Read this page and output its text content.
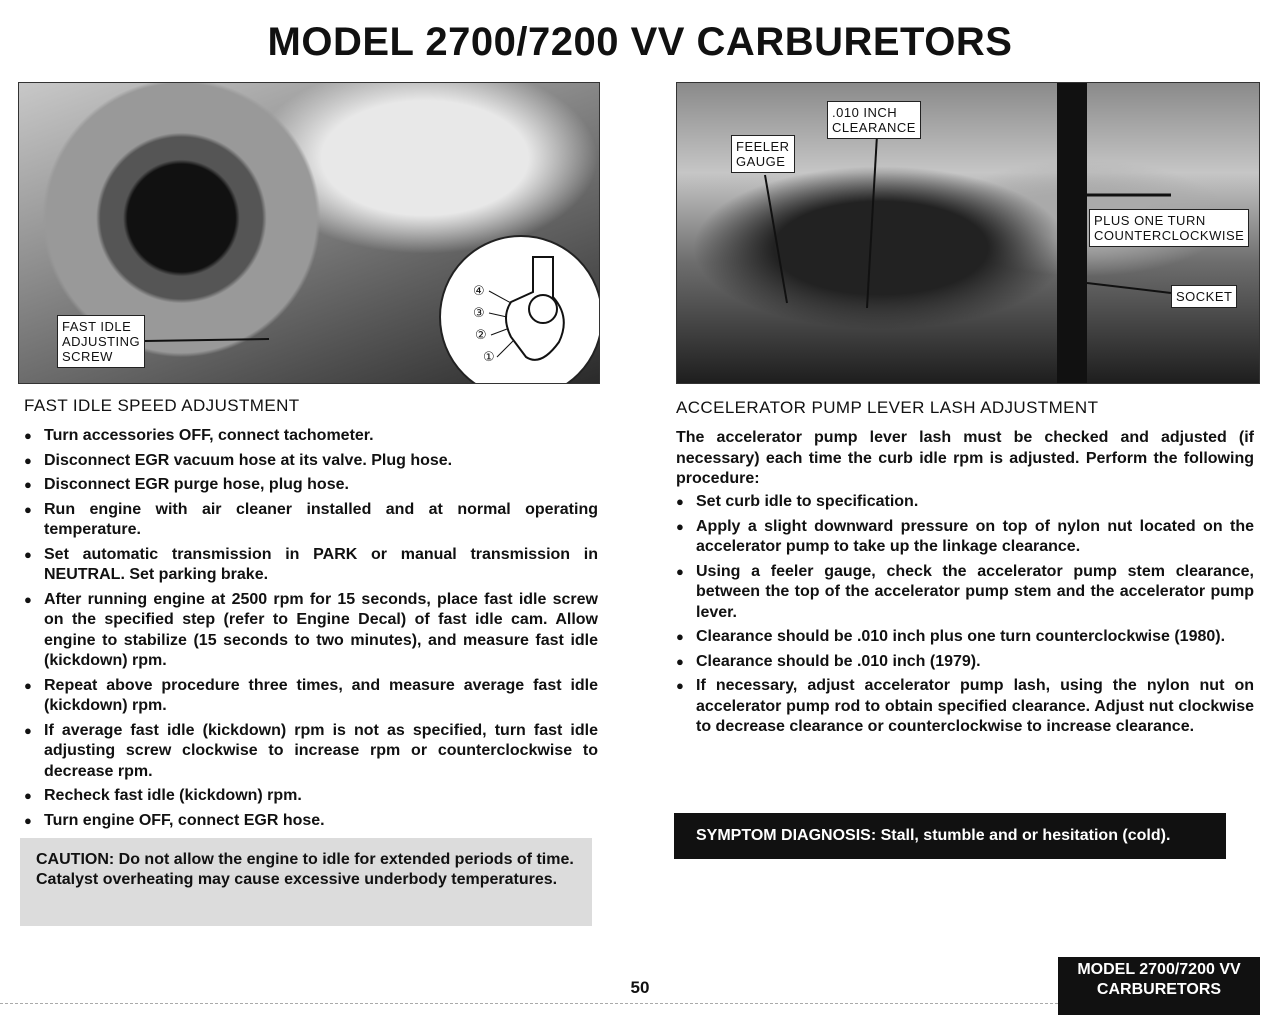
MODEL 2700/7200 VV CARBURETORS
④
③
②
①
FAST IDLE
ADJUSTING
SCREW
.010 INCH
CLEARANCE
FEELER
GAUGE
PLUS ONE TURN
COUNTERCLOCKWISE
SOCKET
FAST IDLE SPEED ADJUSTMENT
● Turn accessories OFF, connect tachometer.
● Disconnect EGR vacuum hose at its valve. Plug hose.
● Disconnect EGR purge hose, plug hose.
● Run engine with air cleaner installed and at normal operating temperature.
● Set automatic transmission in PARK or manual transmission in NEUTRAL. Set parking brake.
● After running engine at 2500 rpm for 15 seconds, place fast idle screw on the specified step (refer to Engine Decal) of fast idle cam. Allow engine to stabilize (15 seconds to two minutes), and measure fast idle (kickdown) rpm.
● Repeat above procedure three times, and measure average fast idle (kickdown) rpm.
● If average fast idle (kickdown) rpm is not as specified, turn fast idle adjusting screw clockwise to increase rpm or counterclockwise to decrease rpm.
● Recheck fast idle (kickdown) rpm.
● Turn engine OFF, connect EGR hose.
CAUTION: Do not allow the engine to idle for extended periods of time. Catalyst overheating may cause excessive underbody temperatures.
ACCELERATOR PUMP LEVER LASH ADJUSTMENT
The accelerator pump lever lash must be checked and adjusted (if necessary) each time the curb idle rpm is adjusted. Perform the following procedure:
● Set curb idle to specification.
● Apply a slight downward pressure on top of nylon nut located on the accelerator pump to take up the linkage clearance.
● Using a feeler gauge, check the accelerator pump stem clearance, between the top of the accelerator pump stem and the accelerator pump lever.
● Clearance should be .010 inch plus one turn counterclockwise (1980).
● Clearance should be .010 inch (1979).
● If necessary, adjust accelerator pump lash, using the nylon nut on accelerator pump rod to obtain specified clearance. Adjust nut clockwise to decrease clearance or counterclockwise to increase clearance.
SYMPTOM DIAGNOSIS: Stall, stumble and or hesitation (cold).
50
MODEL 2700/7200 VV
CARBURETORS
